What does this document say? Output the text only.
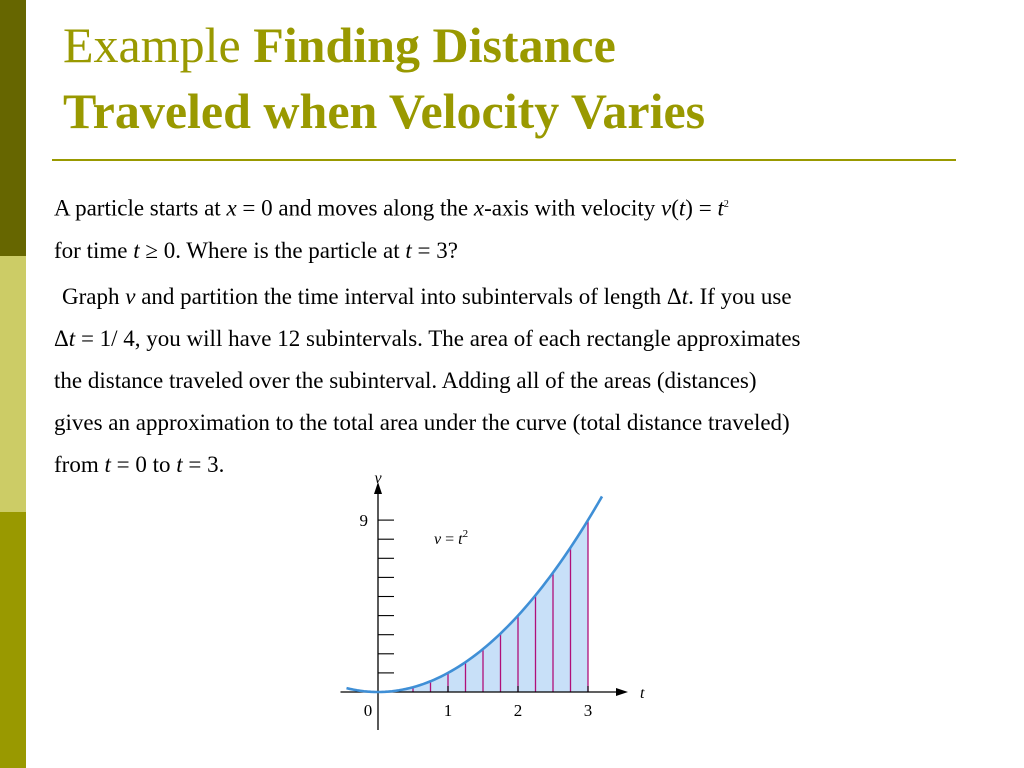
Example Finding Distance
Traveled when Velocity Varies
A particle starts at x = 0 and moves along the x-axis with velocity $v(t) = t^2$
for time t ≥ 0. Where is the particle at t = 3?
Graph v and partition the time interval into subintervals of length Δt. If you use
Δt = 1/ 4, you will have 12 subintervals. The area of each rectangle approximates
the distance traveled over the subinterval. Adding all of the areas (distances)
gives an approximation to the total area under the curve (total distance traveled)
from t = 0 to t = 3.
0	1	2	3
9
v
t
$v = t^2$
